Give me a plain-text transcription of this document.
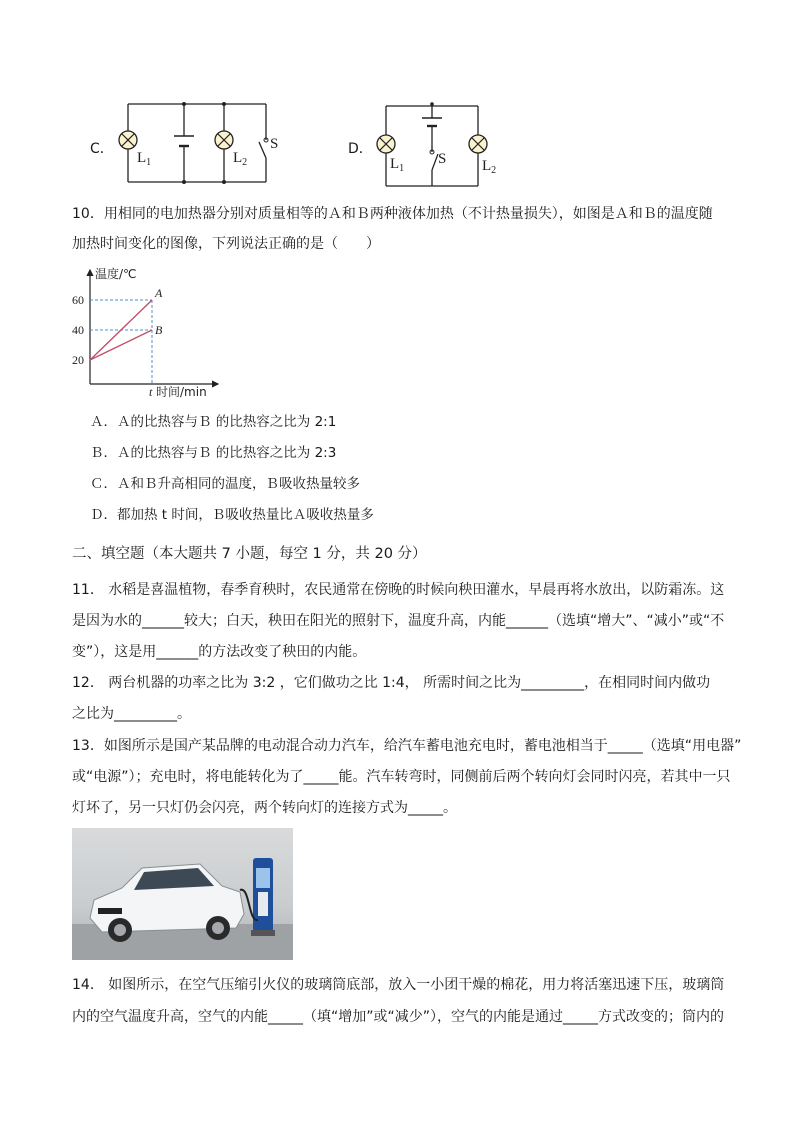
C．
$L_1$	$L_2$
S	D．
$L_1$	$L_2$
S
10．用相同的电加热器分别对质量相等的Ａ和Ｂ两种液体加热（不计热量损失），如图是Ａ和Ｂ的温度随
加热时间变化的图像，下列说法正确的是（　　）
温度/℃
时间/min
A
B
20
40
60
t
Ａ．Ａ的比热容与Ｂ 的比热容之比为 2:1
Ｂ．Ａ的比热容与Ｂ 的比热容之比为 2:3
Ｃ．Ａ和Ｂ升高相同的温度，Ｂ吸收热量较多
Ｄ．都加热 t 时间，Ｂ吸收热量比Ａ吸收热量多
二、填空题（本大题共 7 小题，每空 1 分，共 20 分）
11． 水稻是喜温植物，春季育秧时，农民通常在傍晚的时候向秧田灌水，早晨再将水放出，以防霜冻。这
是因为水的______较大；白天，秧田在阳光的照射下，温度升高，内能______（选填“增大”、“减小”或“不
变”），这是用______的方法改变了秧田的内能。
12． 两台机器的功率之比为 3:2 ，它们做功之比 1:4， 所需时间之比为_________，在相同时间内做功
之比为_________。
13．如图所示是国产某品牌的电动混合动力汽车，给汽车蓄电池充电时，蓄电池相当于_____（选填“用电器”
或“电源”）；充电时，将电能转化为了_____能。汽车转弯时，同侧前后两个转向灯会同时闪亮，若其中一只
灯坏了，另一只灯仍会闪亮，两个转向灯的连接方式为_____。
14． 如图所示，在空气压缩引火仪的玻璃筒底部，放入一小团干燥的棉花，用力将活塞迅速下压，玻璃筒
内的空气温度升高，空气的内能_____（填“增加”或“减少”），空气的内能是通过_____方式改变的；筒内的
